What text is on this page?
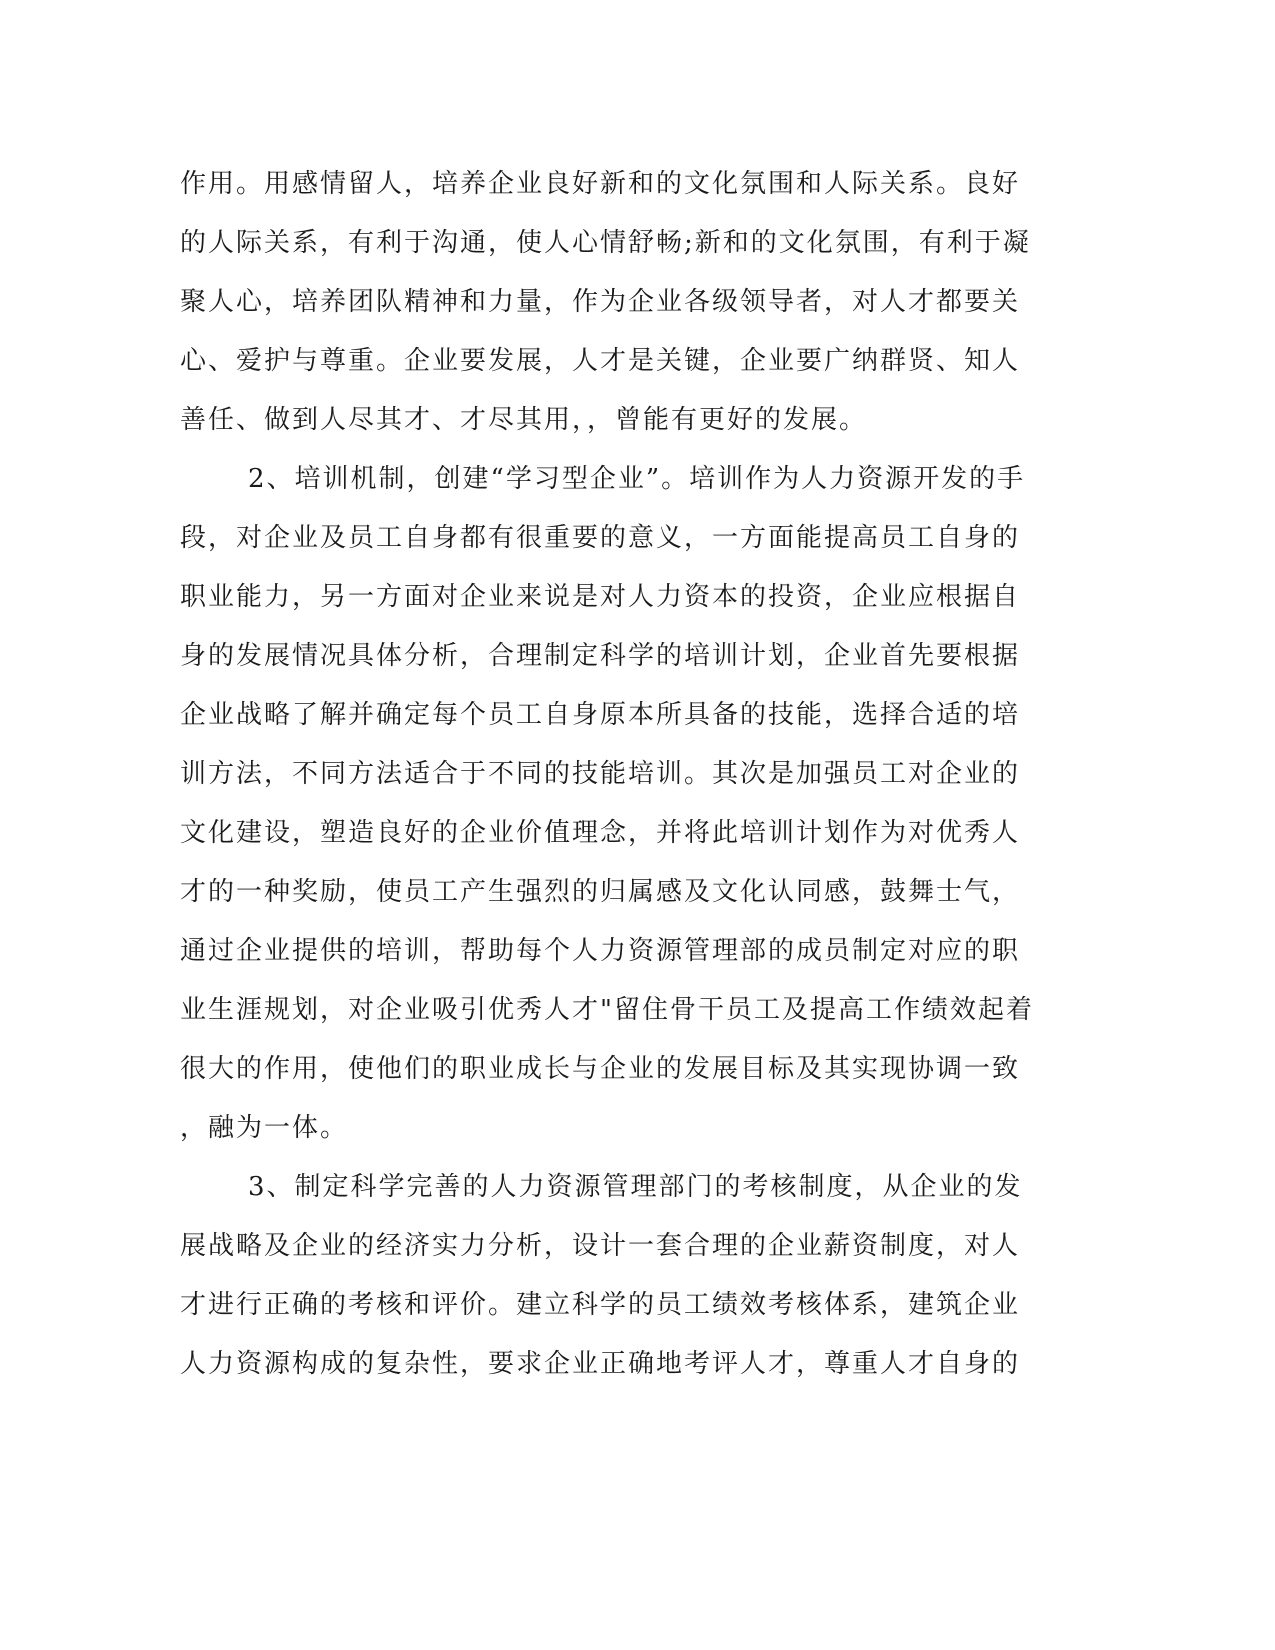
作用。用感情留人，培养企业良好新和的文化氛围和人际关系。良好
的人际关系，有利于沟通，使人心情舒畅;新和的文化氛围，有利于凝
聚人心，培养团队精神和力量，作为企业各级领导者，对人才都要关
心、爱护与尊重。企业要发展，人才是关键，企业要广纳群贤、知人
善任、做到人尽其才、才尽其用，，曾能有更好的发展。
2、培训机制，创建“学习型企业”。培训作为人力资源开发的手
段，对企业及员工自身都有很重要的意义，一方面能提高员工自身的
职业能力，另一方面对企业来说是对人力资本的投资，企业应根据自
身的发展情况具体分析，合理制定科学的培训计划，企业首先要根据
企业战略了解并确定每个员工自身原本所具备的技能，选择合适的培
训方法，不同方法适合于不同的技能培训。其次是加强员工对企业的
文化建设，塑造良好的企业价值理念，并将此培训计划作为对优秀人
才的一种奖励，使员工产生强烈的归属感及文化认同感，鼓舞士气，
通过企业提供的培训，帮助每个人力资源管理部的成员制定对应的职
业生涯规划，对企业吸引优秀人才"留住骨干员工及提高工作绩效起着
很大的作用，使他们的职业成长与企业的发展目标及其实现协调一致
，融为一体。
3、制定科学完善的人力资源管理部门的考核制度，从企业的发
展战略及企业的经济实力分析，设计一套合理的企业薪资制度，对人
才进行正确的考核和评价。建立科学的员工绩效考核体系，建筑企业
人力资源构成的复杂性，要求企业正确地考评人才，尊重人才自身的
